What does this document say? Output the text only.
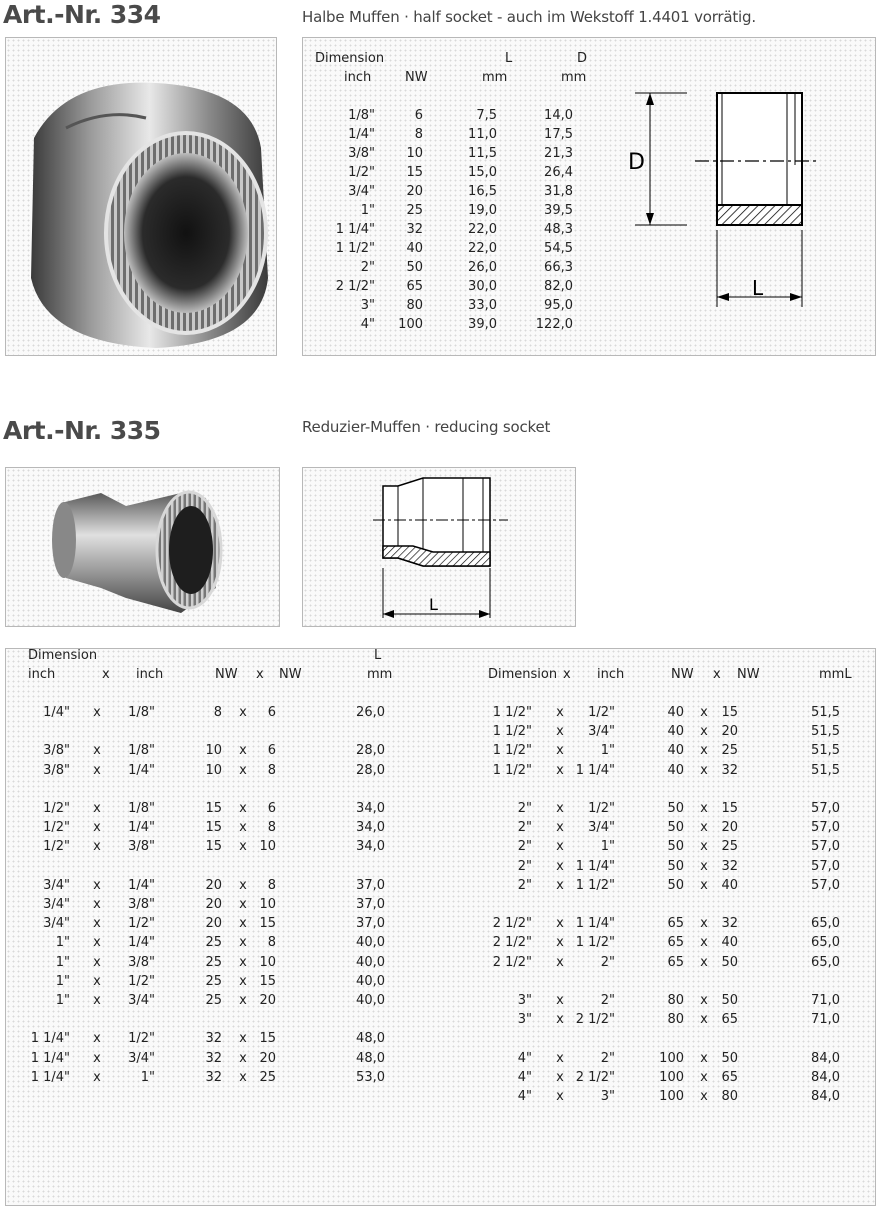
Art.-Nr. 334	Halbe Muffen · half socket - auch im Wekstoff 1.4401 vorrätig.
Dimension	L	D
inch	NW	mm	mm
1/8"	6	7,5	14,0
1/4"	8	11,0	17,5
3/8"	10	11,5	21,3
1/2"	15	15,0	26,4
3/4"	20	16,5	31,8
1"	25	19,0	39,5
1 1/4"	32	22,0	48,3
1 1/2"	40	22,0	54,5
2"	50	26,0	66,3
2 1/2"	65	30,0	82,0
3"	80	33,0	95,0
4"	100	39,0	122,0
D
L
Art.-Nr. 335	Reduzier-Muffen · reducing socket
L
Dimension	L
inch	x inch	NW x NW	mm	Dimension x inch	NW x NW	mmL
1/4" x	1/8"	8 x	6	26,0
3/8" x	1/8"	10 x	6	28,0
3/8" x	1/4"	10 x	8	28,0
1/2" x	1/8"	15 x	6	34,0
1/2" x	1/4"	15 x	8	34,0
1/2" x	3/8"	15 x 10	34,0
3/4" x	1/4"	20 x	8	37,0
3/4" x	3/8"	20 x 10	37,0
3/4" x	1/2"	20 x 15	37,0
1" x	1/4"	25 x	8	40,0
1" x	3/8"	25 x 10	40,0
1" x	1/2"	25 x 15	40,0
1" x	3/4"	25 x 20	40,0
1 1/4" x	1/2"	32 x 15	48,0
1 1/4" x	3/4"	32 x 20	48,0
1 1/4" x	1"	32 x 25	53,0
1 1/2" x	1/2"	40 x	15	51,5
1 1/2" x	3/4"	40 x	20	51,5
1 1/2" x	1"	40 x	25	51,5
1 1/2" x 1 1/4"	40 x	32	51,5
2" x	1/2"	50 x	15	57,0
2" x	3/4"	50 x	20	57,0
2" x	1"	50 x	25	57,0
2" x 1 1/4"	50 x	32	57,0
2" x 1 1/2"	50 x	40	57,0
2 1/2" x 1 1/4"	65 x	32	65,0
2 1/2" x 1 1/2"	65 x	40	65,0
2 1/2" x	2"	65 x	50	65,0
3" x	2"	80 x	50	71,0
3" x 2 1/2"	80 x	65	71,0
4" x	2"	100 x	50	84,0
4" x 2 1/2"	100 x	65	84,0
4" x	3"	100 x	80	84,0
